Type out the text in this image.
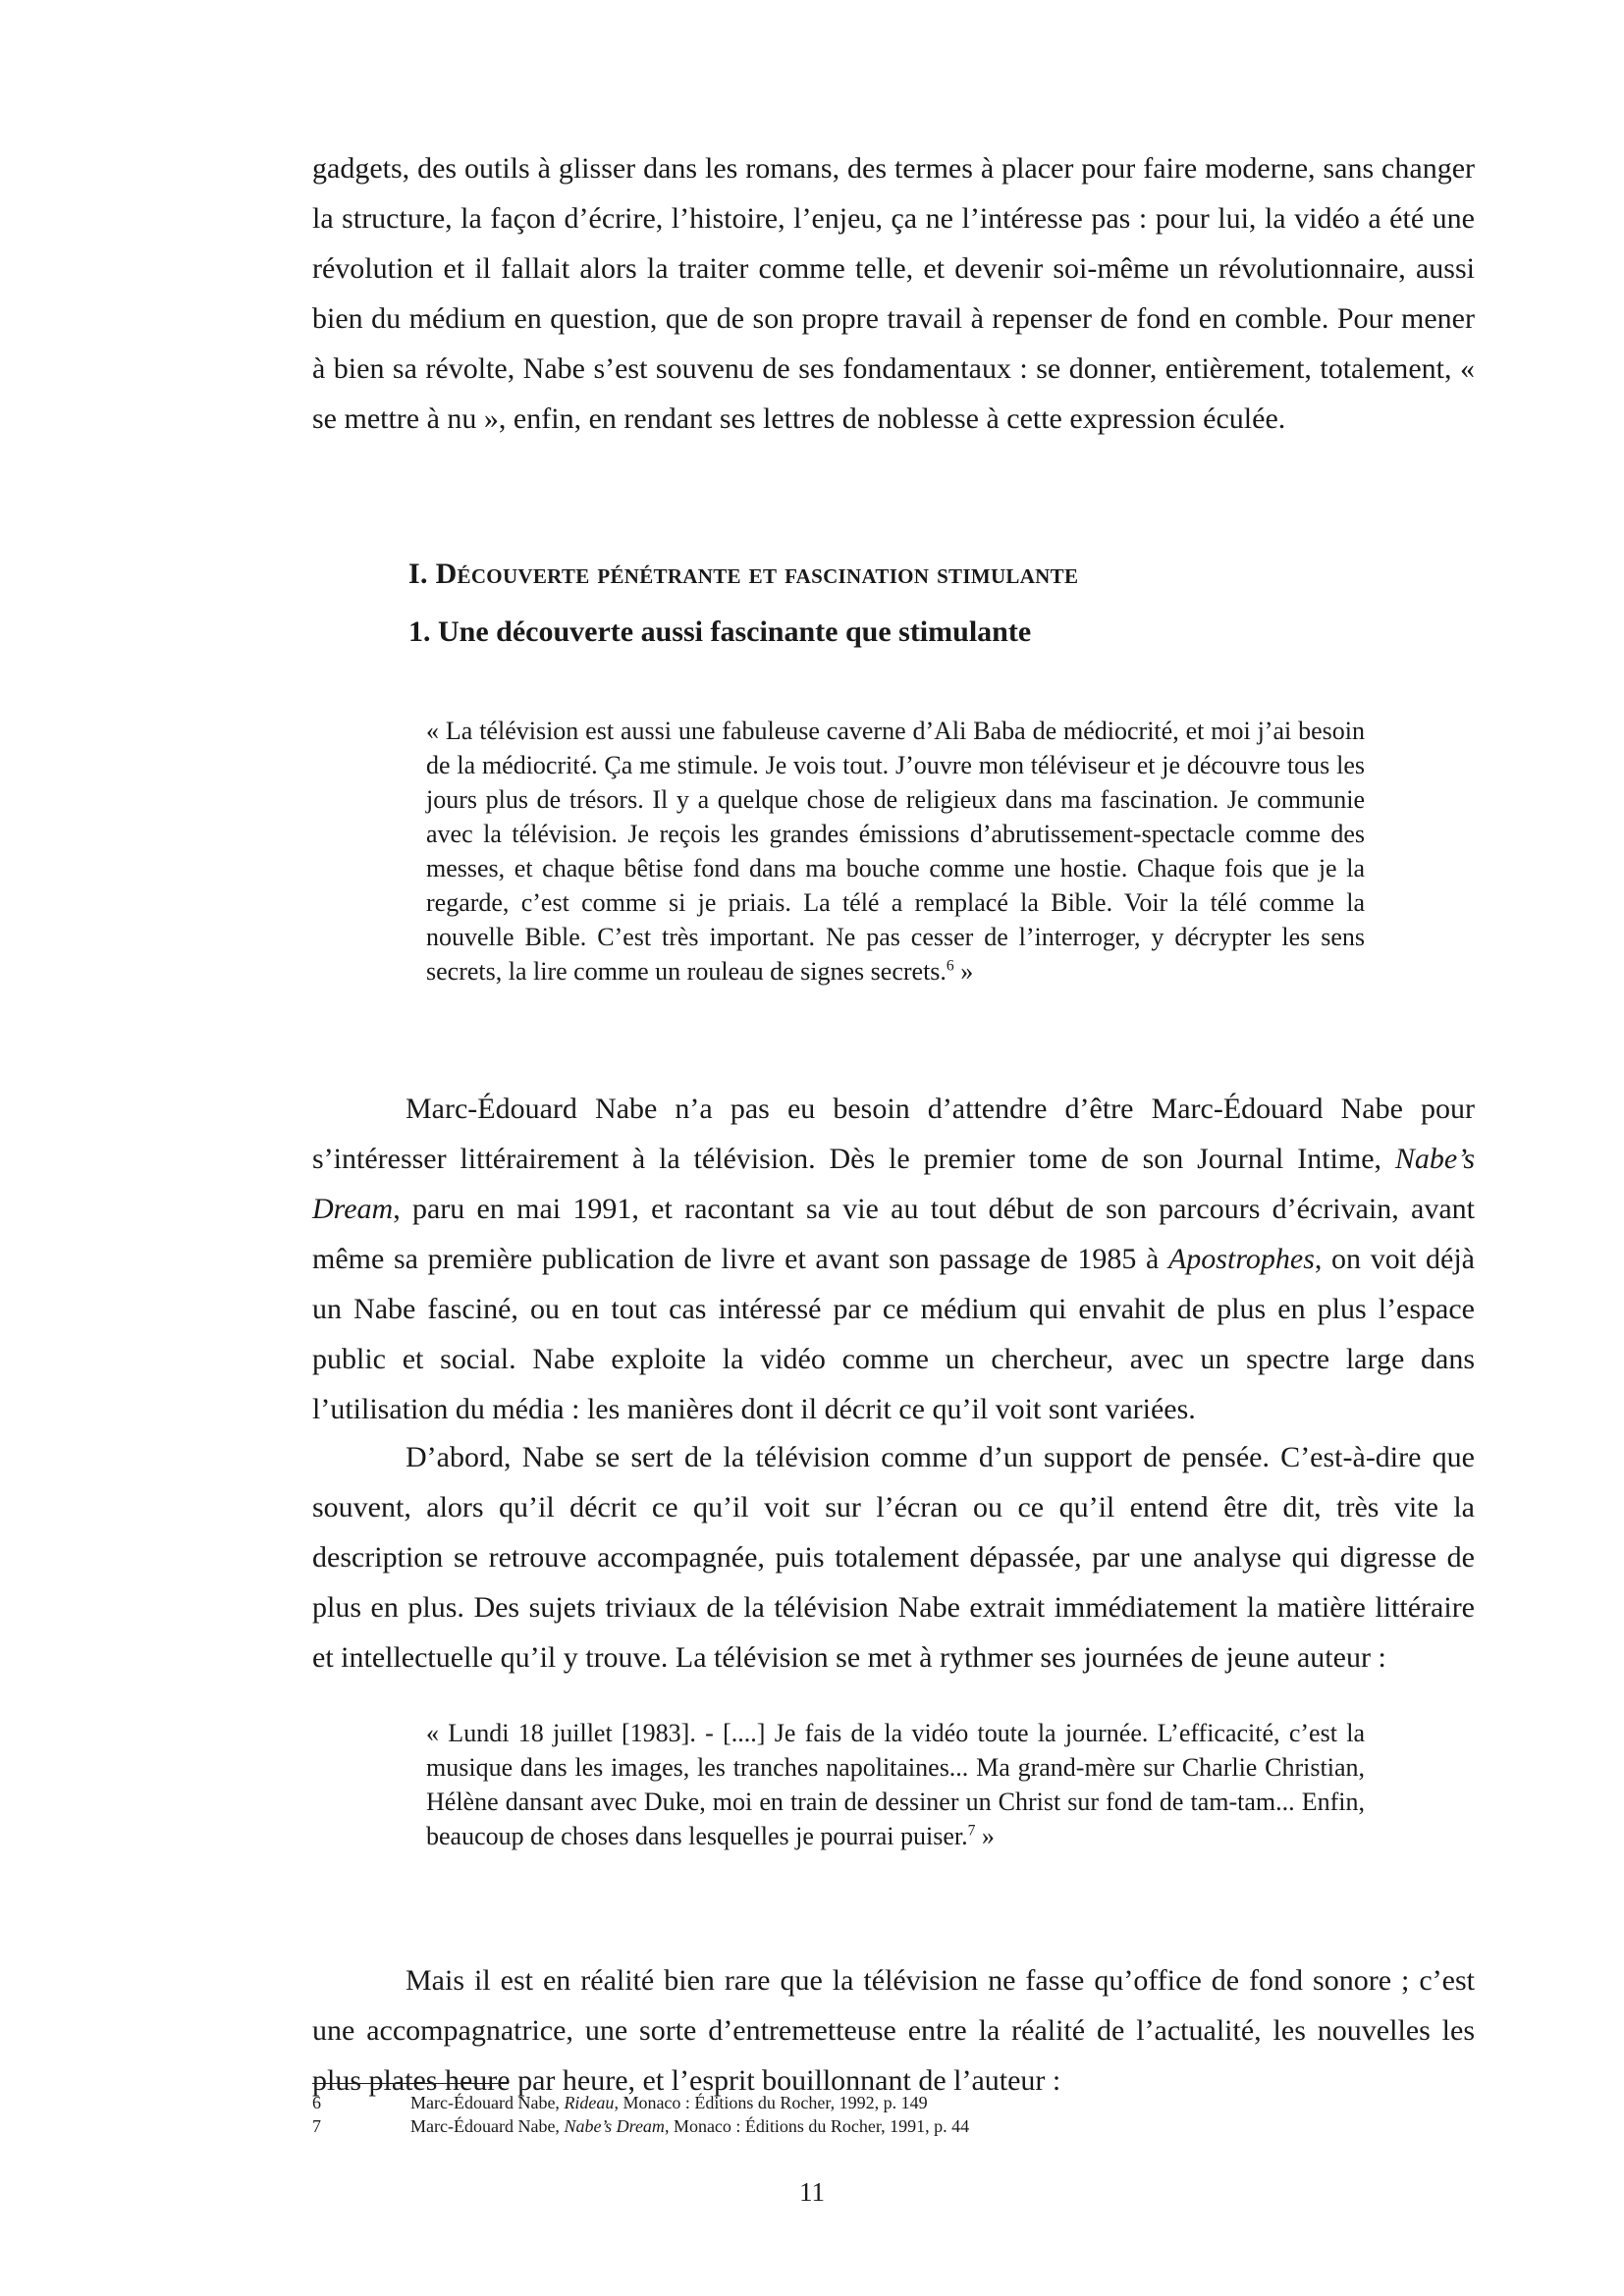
gadgets, des outils à glisser dans les romans, des termes à placer pour faire moderne, sans changer la structure, la façon d’écrire, l’histoire, l’enjeu, ça ne l’intéresse pas : pour lui, la vidéo a été une révolution et il fallait alors la traiter comme telle, et devenir soi-même un révolutionnaire, aussi bien du médium en question, que de son propre travail à repenser de fond en comble. Pour mener à bien sa révolte, Nabe s’est souvenu de ses fondamentaux : se donner, entièrement, totalement, « se mettre à nu », enfin, en rendant ses lettres de noblesse à cette expression éculée.

I. Découverte pénétrante et fascination stimulante
1. Une découverte aussi fascinante que stimulante

« La télévision est aussi une fabuleuse caverne d’Ali Baba de médiocrité, et moi j’ai besoin de la médiocrité. Ça me stimule. Je vois tout. J’ouvre mon téléviseur et je découvre tous les jours plus de trésors. Il y a quelque chose de religieux dans ma fascination. Je communie avec la télévision. Je reçois les grandes émissions d’abrutissement-spectacle comme des messes, et chaque bêtise fond dans ma bouche comme une hostie. Chaque fois que je la regarde, c’est comme si je priais. La télé a remplacé la Bible. Voir la télé comme la nouvelle Bible. C’est très important. Ne pas cesser de l’interroger, y décrypter les sens secrets, la lire comme un rouleau de signes secrets.$^6$ »

Marc-Édouard Nabe n’a pas eu besoin d’attendre d’être Marc-Édouard Nabe pour s’intéresser littérairement à la télévision. Dès le premier tome de son Journal Intime, Nabe’s Dream, paru en mai 1991, et racontant sa vie au tout début de son parcours d’écrivain, avant même sa première publication de livre et avant son passage de 1985 à Apostrophes, on voit déjà un Nabe fasciné, ou en tout cas intéressé par ce médium qui envahit de plus en plus l’espace public et social. Nabe exploite la vidéo comme un chercheur, avec un spectre large dans l’utilisation du média : les manières dont il décrit ce qu’il voit sont variées.

D’abord, Nabe se sert de la télévision comme d’un support de pensée. C’est-à-dire que souvent, alors qu’il décrit ce qu’il voit sur l’écran ou ce qu’il entend être dit, très vite la description se retrouve accompagnée, puis totalement dépassée, par une analyse qui digresse de plus en plus. Des sujets triviaux de la télévision Nabe extrait immédiatement la matière littéraire et intellectuelle qu’il y trouve. La télévision se met à rythmer ses journées de jeune auteur :

« Lundi 18 juillet [1983]. - [....] Je fais de la vidéo toute la journée. L’efficacité, c’est la musique dans les images, les tranches napolitaines... Ma grand-mère sur Charlie Christian, Hélène dansant avec Duke, moi en train de dessiner un Christ sur fond de tam-tam... Enfin, beaucoup de choses dans lesquelles je pourrai puiser.$^7$ »

Mais il est en réalité bien rare que la télévision ne fasse qu’office de fond sonore ; c’est une accompagnatrice, une sorte d’entremetteuse entre la réalité de l’actualité, les nouvelles les plus plates heure par heure, et l’esprit bouillonnant de l’auteur :

6	Marc-Édouard Nabe, Rideau, Monaco : Éditions du Rocher, 1992, p. 149

7	Marc-Édouard Nabe, Nabe’s Dream, Monaco : Éditions du Rocher, 1991, p. 44

11
